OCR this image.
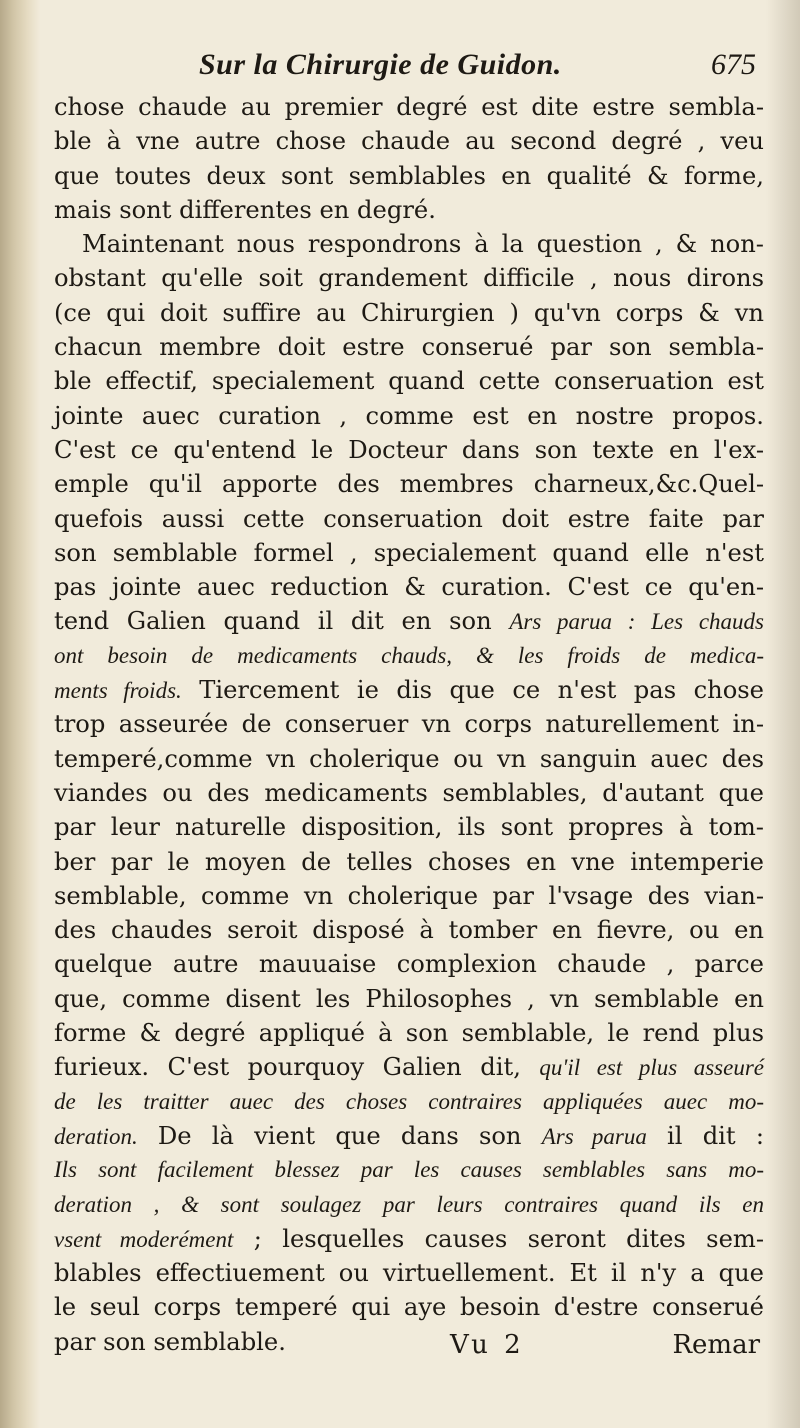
Sur la Chirurgie de Guidon.	675
chose chaude au premier degré est dite estre sembla-
ble à vne autre chose chaude au second degré , veu
que toutes deux sont semblables en qualité & forme,
mais sont differentes en degré.
Maintenant nous respondrons à la question , & non-
obstant qu'elle soit grandement difficile , nous dirons
(ce qui doit suffire au Chirurgien ) qu'vn corps & vn
chacun membre doit estre conserué par son sembla-
ble effectif, specialement quand cette conseruation est
jointe auec curation , comme est en nostre propos.
C'est ce qu'entend le Docteur dans son texte en l'ex-
emple qu'il apporte des membres charneux,&c.Quel-
quefois aussi cette conseruation doit estre faite par
son semblable formel , specialement quand elle n'est
pas jointe auec reduction & curation. C'est ce qu'en-
tend Galien quand il dit en son Ars parua : Les chauds
ont besoin de medicaments chauds, & les froids de medica-
ments froids. Tiercement ie dis que ce n'est pas chose
trop asseurée de conseruer vn corps naturellement in-
temperé,comme vn cholerique ou vn sanguin auec des
viandes ou des medicaments semblables, d'autant que
par leur naturelle disposition, ils sont propres à tom-
ber par le moyen de telles choses en vne intemperie
semblable, comme vn cholerique par l'vsage des vian-
des chaudes seroit disposé à tomber en fievre, ou en
quelque autre mauuaise complexion chaude , parce
que, comme disent les Philosophes , vn semblable en
forme & degré appliqué à son semblable, le rend plus
furieux. C'est pourquoy Galien dit, qu'il est plus asseuré
de les traitter auec des choses contraires appliquées auec mo-
deration. De là vient que dans son Ars parua il dit :
Ils sont facilement blessez par les causes semblables sans mo-
deration , & sont soulagez par leurs contraires quand ils en
vsent moderément ; lesquelles causes seront dites sem-
blables effectiuement ou virtuellement. Et il n'y a que
le seul corps temperé qui aye besoin d'estre conserué
par son semblable.	Vu 2	Remar
